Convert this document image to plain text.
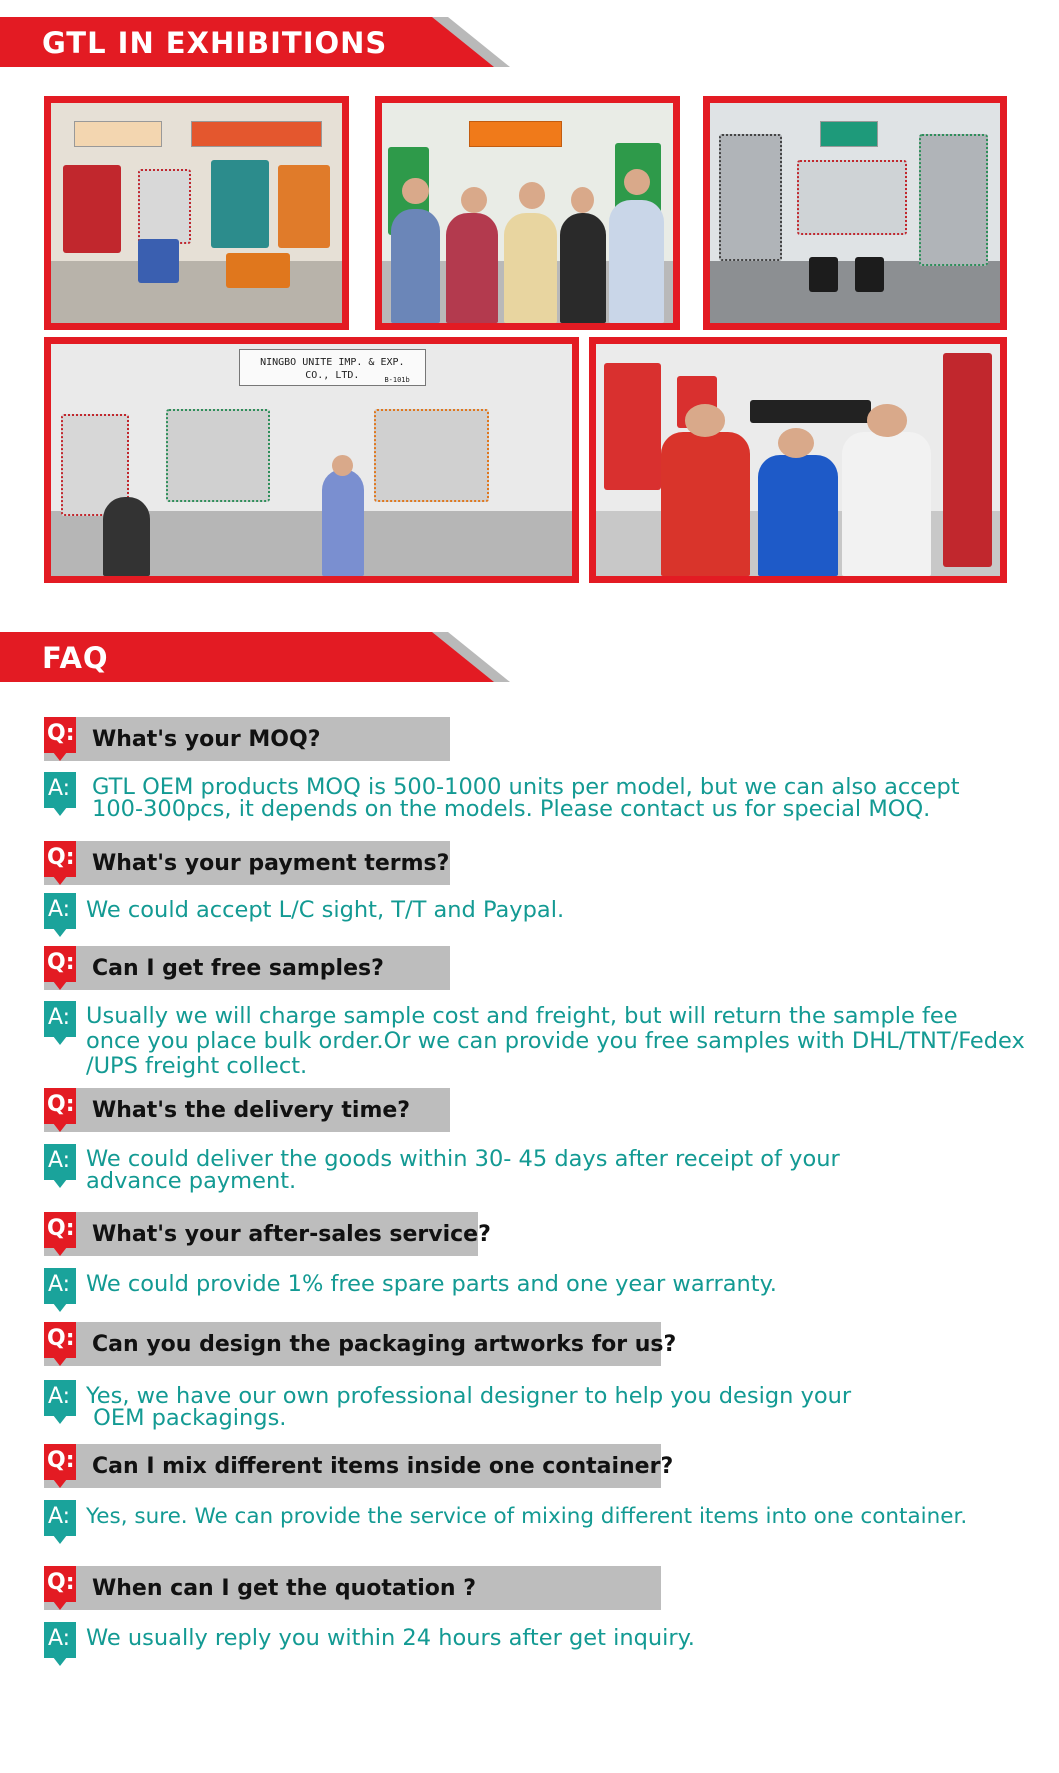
GTL IN EXHIBITIONS
NINGBO UNITE IMP. & EXP. CO., LTD.	B-101b
FAQ
What's your MOQ?
Q:
A: GTL OEM products MOQ is 500-1000 units per model, but we can also accept
100-300pcs, it depends on the models. Please contact us for special MOQ.
What's your payment terms?
Q:
A: We could accept L/C sight, T/T and Paypal.
Can I get free samples?
Q:
A: Usually we will charge sample cost and freight, but will return the sample fee
once you place bulk order.Or we can provide you free samples with DHL/TNT/Fedex
/UPS freight collect.
What's the delivery time?
Q:
A: We could deliver the goods within 30- 45 days after receipt of your
advance payment.
What's your after-sales service?
Q:
A: We could provide 1% free spare parts and one year warranty.
Can you design the packaging artworks for us?
Q:
A: Yes, we have our own professional designer to help you design your
OEM packagings.
Can I mix different items inside one container?
Q:
A: Yes, sure. We can provide the service of mixing different items into one container.
When can I get the quotation ?
Q:
A: We usually reply you within 24 hours after get inquiry.
